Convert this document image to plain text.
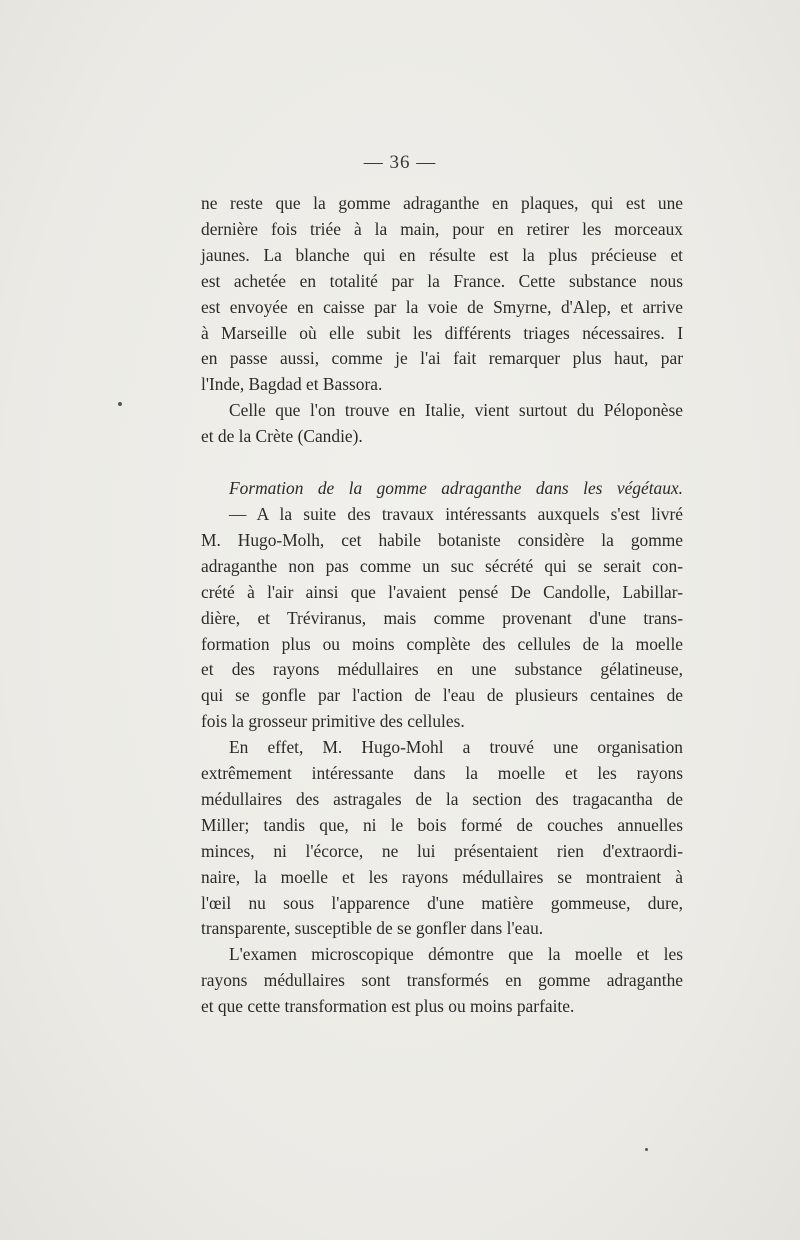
— 36 —
ne reste que la gomme adraganthe en plaques, qui est une
dernière fois triée à la main, pour en retirer les morceaux
jaunes. La blanche qui en résulte est la plus précieuse et
est achetée en totalité par la France. Cette substance nous
est envoyée en caisse par la voie de Smyrne, d'Alep, et arrive
à Marseille où elle subit les différents triages nécessaires. I
en passe aussi, comme je l'ai fait remarquer plus haut, par
l'Inde, Bagdad et Bassora.
Celle que l'on trouve en Italie, vient surtout du Péloponèse
et de la Crète (Candie).
Formation de la gomme adraganthe dans les végétaux.
— A la suite des travaux intéressants auxquels s'est livré
M. Hugo-Molh, cet habile botaniste considère la gomme
adraganthe non pas comme un suc sécrété qui se serait con-
crété à l'air ainsi que l'avaient pensé De Candolle, Labillar-
dière, et Tréviranus, mais comme provenant d'une trans-
formation plus ou moins complète des cellules de la moelle
et des rayons médullaires en une substance gélatineuse,
qui se gonfle par l'action de l'eau de plusieurs centaines de
fois la grosseur primitive des cellules.
En effet, M. Hugo-Mohl a trouvé une organisation
extrêmement intéressante dans la moelle et les rayons
médullaires des astragales de la section des tragacantha de
Miller; tandis que, ni le bois formé de couches annuelles
minces, ni l'écorce, ne lui présentaient rien d'extraordi-
naire, la moelle et les rayons médullaires se montraient à
l'œil nu sous l'apparence d'une matière gommeuse, dure,
transparente, susceptible de se gonfler dans l'eau.
L'examen microscopique démontre que la moelle et les
rayons médullaires sont transformés en gomme adraganthe
et que cette transformation est plus ou moins parfaite.
